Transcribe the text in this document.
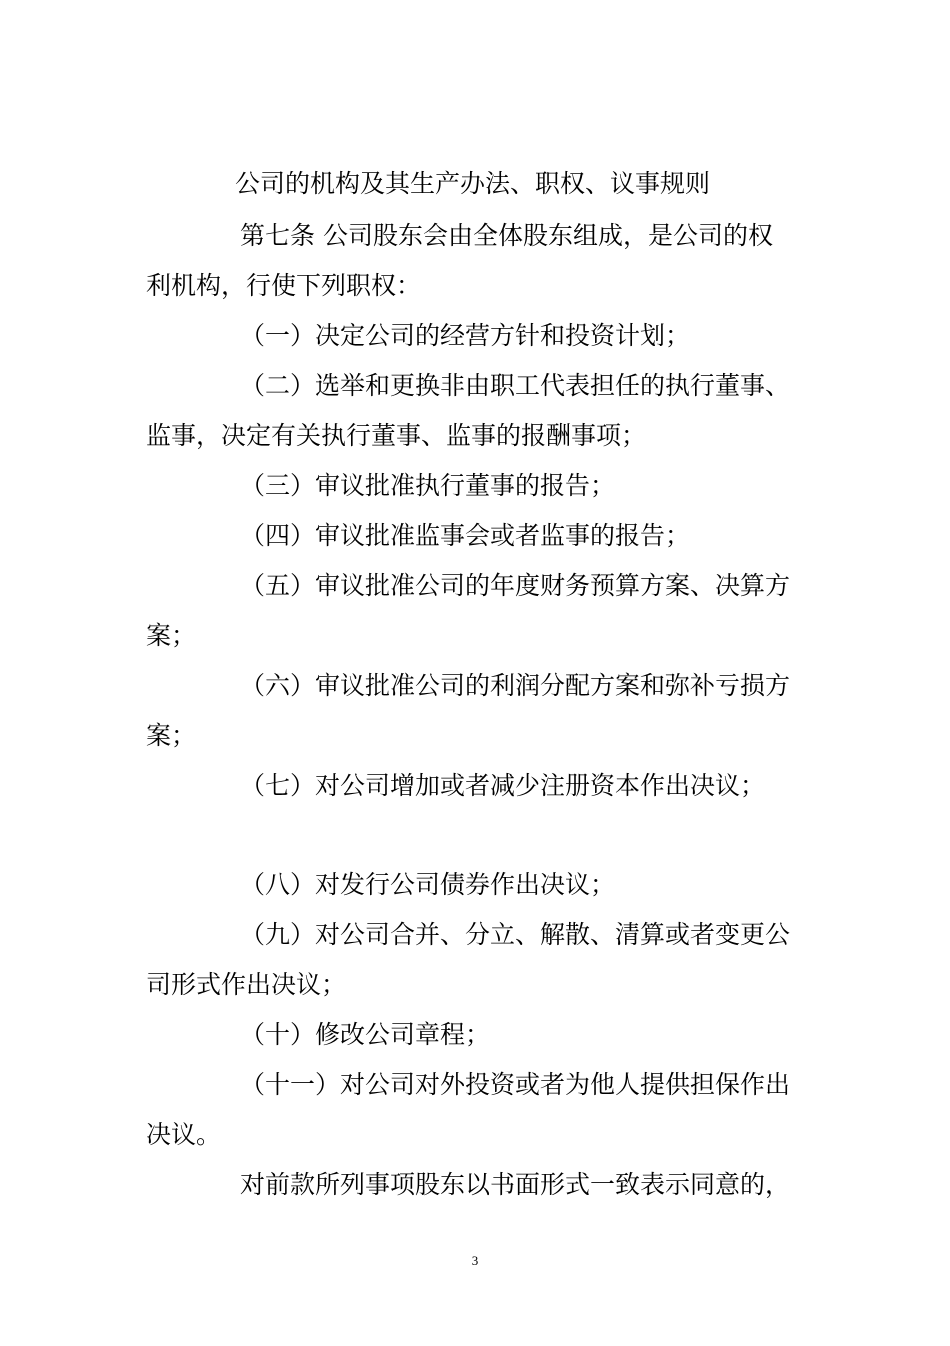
公司的机构及其生产办法、职权、议事规则
第七条 公司股东会由全体股东组成，是公司的权
利机构，行使下列职权：
（一）决定公司的经营方针和投资计划；
（二）选举和更换非由职工代表担任的执行董事、
监事，决定有关执行董事、监事的报酬事项；
（三）审议批准执行董事的报告；
（四）审议批准监事会或者监事的报告；
（五）审议批准公司的年度财务预算方案、决算方
案；
（六）审议批准公司的利润分配方案和弥补亏损方
案；
（七）对公司增加或者减少注册资本作出决议；
（八）对发行公司债券作出决议；
（九）对公司合并、分立、解散、清算或者变更公
司形式作出决议；
（十）修改公司章程；
（十一）对公司对外投资或者为他人提供担保作出
决议。
对前款所列事项股东以书面形式一致表示同意的，
3
